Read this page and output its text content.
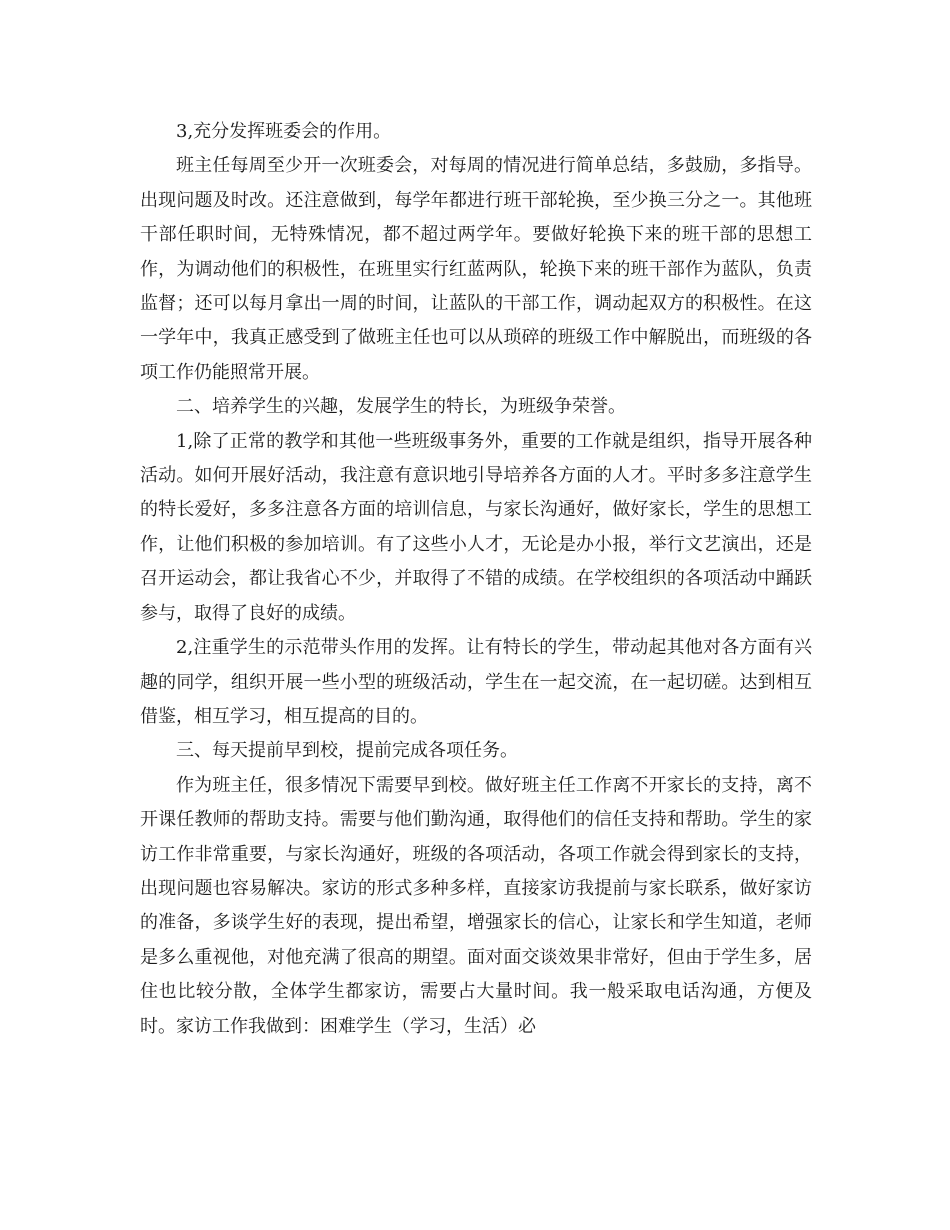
3,充分发挥班委会的作用。

班主任每周至少开一次班委会，对每周的情况进行简单总结，多鼓励，多指导。出现问题及时改。还注意做到，每学年都进行班干部轮换，至少换三分之一。其他班干部任职时间，无特殊情况，都不超过两学年。要做好轮换下来的班干部的思想工作，为调动他们的积极性，在班里实行红蓝两队，轮换下来的班干部作为蓝队，负责监督；还可以每月拿出一周的时间，让蓝队的干部工作，调动起双方的积极性。在这一学年中，我真正感受到了做班主任也可以从琐碎的班级工作中解脱出，而班级的各项工作仍能照常开展。

二、培养学生的兴趣，发展学生的特长，为班级争荣誉。

1,除了正常的教学和其他一些班级事务外，重要的工作就是组织，指导开展各种活动。如何开展好活动，我注意有意识地引导培养各方面的人才。平时多多注意学生的特长爱好，多多注意各方面的培训信息，与家长沟通好，做好家长，学生的思想工作，让他们积极的参加培训。有了这些小人才，无论是办小报，举行文艺演出，还是召开运动会，都让我省心不少，并取得了不错的成绩。在学校组织的各项活动中踊跃参与，取得了良好的成绩。

2,注重学生的示范带头作用的发挥。让有特长的学生，带动起其他对各方面有兴趣的同学，组织开展一些小型的班级活动，学生在一起交流，在一起切磋。达到相互借鉴，相互学习，相互提高的目的。

三、每天提前早到校，提前完成各项任务。

作为班主任，很多情况下需要早到校。做好班主任工作离不开家长的支持，离不开课任教师的帮助支持。需要与他们勤沟通，取得他们的信任支持和帮助。学生的家访工作非常重要，与家长沟通好，班级的各项活动，各项工作就会得到家长的支持，出现问题也容易解决。家访的形式多种多样，直接家访我提前与家长联系，做好家访的准备，多谈学生好的表现，提出希望，增强家长的信心，让家长和学生知道，老师是多么重视他，对他充满了很高的期望。面对面交谈效果非常好，但由于学生多，居住也比较分散，全体学生都家访，需要占大量时间。我一般采取电话沟通，方便及时。家访工作我做到：困难学生（学习，生活）必
